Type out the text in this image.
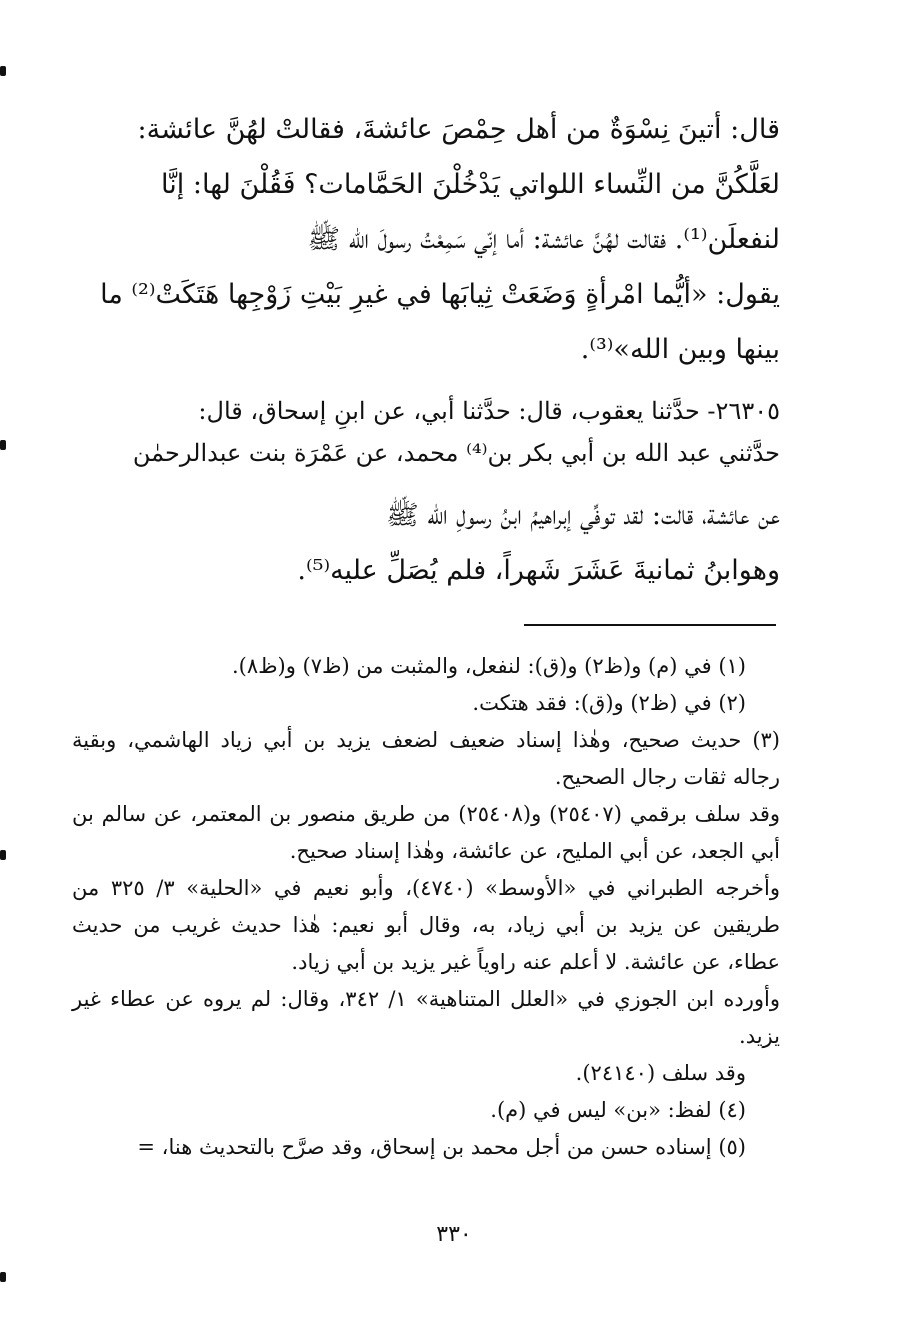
قال: أتينَ نِسْوَةٌ من أهل حِمْصَ عائشةَ، فقالتْ لهُنَّ عائشة:
لعَلَّكُنَّ من النِّساء اللواتي يَدْخُلْنَ الحَمَّامات؟ فَقُلْنَ لها: إنَّا
لنفعلَن⁽¹⁾. فقالت لهُنَّ عائشة: أما إنّي سَمِعْتُ رسولَ الله ﷺ
يقول: «أيُّما امْرأةٍ وَضَعَتْ ثِيابَها في غيرِ بَيْتِ زَوْجِها هَتَكَتْ⁽²⁾ ما
بينها وبين الله»⁽³⁾.
٢٦٣٠٥- حدَّثنا يعقوب، قال: حدَّثنا أبي، عن ابنِ إسحاق، قال:
حدَّثني عبد الله بن أبي بكر بن⁽⁴⁾ محمد، عن عَمْرَة بنت عبدالرحمٰن
عن عائشة، قالت: لقد توفِّي إبراهيمُ ابنُ رسولِ الله ﷺ
وهوابنُ ثمانيةَ عَشَرَ شَهراً، فلم يُصَلِّ عليه⁽⁵⁾.
(١) في (م) و(ظ٢) و(ق): لنفعل، والمثبت من (ظ٧) و(ظ٨).
(٢) في (ظ٢) و(ق): فقد هتكت.
(٣) حديث صحيح، وهٰذا إسناد ضعيف لضعف يزيد بن أبي زياد الهاشمي، وبقية رجاله ثقات رجال الصحيح.
وقد سلف برقمي (٢٥٤٠٧) و(٢٥٤٠٨) من طريق منصور بن المعتمر، عن سالم بن أبي الجعد، عن أبي المليح، عن عائشة، وهٰذا إسناد صحيح.
وأخرجه الطبراني في «الأوسط» (٤٧٤٠)، وأبو نعيم في «الحلية» ٣/ ٣٢٥ من طريقين عن يزيد بن أبي زياد، به، وقال أبو نعيم: هٰذا حديث غريب من حديث عطاء، عن عائشة. لا أعلم عنه راوياً غير يزيد بن أبي زياد.
وأورده ابن الجوزي في «العلل المتناهية» ١/ ٣٤٢، وقال: لم يروه عن عطاء غير يزيد.
وقد سلف (٢٤١٤٠).
(٤) لفظ: «بن» ليس في (م).
(٥) إسناده حسن من أجل محمد بن إسحاق، وقد صرَّح بالتحديث هنا، =
٣٣٠
